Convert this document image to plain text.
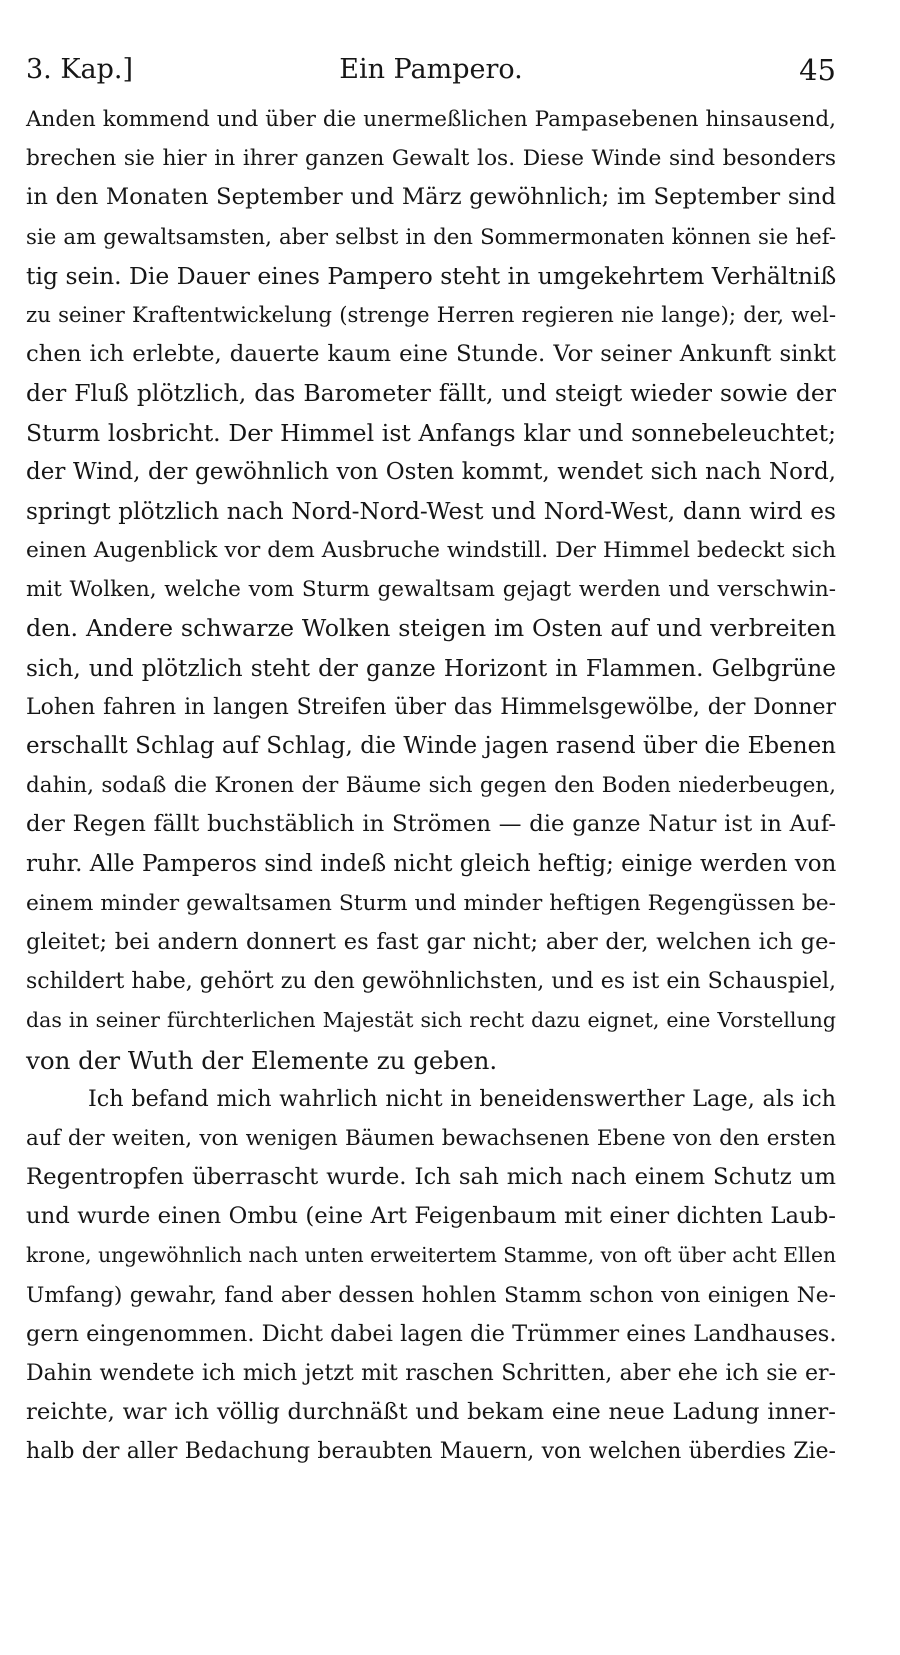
Ein Pampero.
3. Kap.]	45
Anden kommend und über die unermeßlichen Pampasebenen hinsausend,
brechen sie hier in ihrer ganzen Gewalt los. Diese Winde sind besonders
in den Monaten September und März gewöhnlich; im September sind
sie am gewaltsamsten, aber selbst in den Sommermonaten können sie hef-
tig sein. Die Dauer eines Pampero steht in umgekehrtem Verhältniß
zu seiner Kraftentwickelung (strenge Herren regieren nie lange); der, wel-
chen ich erlebte, dauerte kaum eine Stunde. Vor seiner Ankunft sinkt
der Fluß plötzlich, das Barometer fällt, und steigt wieder sowie der
Sturm losbricht. Der Himmel ist Anfangs klar und sonnebeleuchtet;
der Wind, der gewöhnlich von Osten kommt, wendet sich nach Nord,
springt plötzlich nach Nord-Nord-West und Nord-West, dann wird es
einen Augenblick vor dem Ausbruche windstill. Der Himmel bedeckt sich
mit Wolken, welche vom Sturm gewaltsam gejagt werden und verschwin-
den. Andere schwarze Wolken steigen im Osten auf und verbreiten
sich, und plötzlich steht der ganze Horizont in Flammen. Gelbgrüne
Lohen fahren in langen Streifen über das Himmelsgewölbe, der Donner
erschallt Schlag auf Schlag, die Winde jagen rasend über die Ebenen
dahin, sodaß die Kronen der Bäume sich gegen den Boden niederbeugen,
der Regen fällt buchstäblich in Strömen — die ganze Natur ist in Auf-
ruhr. Alle Pamperos sind indeß nicht gleich heftig; einige werden von
einem minder gewaltsamen Sturm und minder heftigen Regengüssen be-
gleitet; bei andern donnert es fast gar nicht; aber der, welchen ich ge-
schildert habe, gehört zu den gewöhnlichsten, und es ist ein Schauspiel,
das in seiner fürchterlichen Majestät sich recht dazu eignet, eine Vorstellung
von der Wuth der Elemente zu geben.
Ich befand mich wahrlich nicht in beneidenswerther Lage, als ich
auf der weiten, von wenigen Bäumen bewachsenen Ebene von den ersten
Regentropfen überrascht wurde. Ich sah mich nach einem Schutz um
und wurde einen Ombu (eine Art Feigenbaum mit einer dichten Laub-
krone, ungewöhnlich nach unten erweitertem Stamme, von oft über acht Ellen
Umfang) gewahr, fand aber dessen hohlen Stamm schon von einigen Ne-
gern eingenommen. Dicht dabei lagen die Trümmer eines Landhauses.
Dahin wendete ich mich jetzt mit raschen Schritten, aber ehe ich sie er-
reichte, war ich völlig durchnäßt und bekam eine neue Ladung inner-
halb der aller Bedachung beraubten Mauern, von welchen überdies Zie-
